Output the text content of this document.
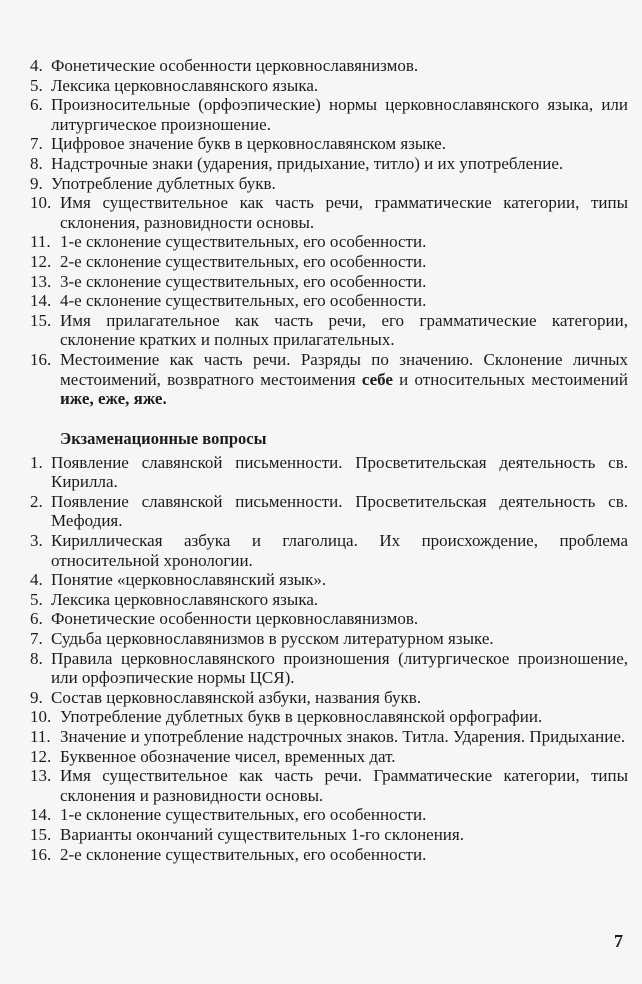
4. Фонетические особенности церковнославянизмов.
5. Лексика церковнославянского языка.
6. Произносительные (орфоэпические) нормы церковнославянского языка, или литургическое произношение.
7. Цифровое значение букв в церковнославянском языке.
8. Надстрочные знаки (ударения, придыхание, титло) и их употребление.
9. Употребление дублетных букв.
10. Имя существительное как часть речи, грамматические категории, типы склонения, разновидности основы.
11. 1-е склонение существительных, его особенности.
12. 2-е склонение существительных, его особенности.
13. 3-е склонение существительных, его особенности.
14. 4-е склонение существительных, его особенности.
15. Имя прилагательное как часть речи, его грамматические категории, склонение кратких и полных прилагательных.
16. Местоимение как часть речи. Разряды по значению. Склонение личных местоимений, возвратного местоимения себе и относительных местоимений иже, еже, яже.
Экзаменационные вопросы
1. Появление славянской письменности. Просветительская деятельность св. Кирилла.
2. Появление славянской письменности. Просветительская деятельность св. Мефодия.
3. Кириллическая азбука и глаголица. Их происхождение, проблема относительной хронологии.
4. Понятие «церковнославянский язык».
5. Лексика церковнославянского языка.
6. Фонетические особенности церковнославянизмов.
7. Судьба церковнославянизмов в русском литературном языке.
8. Правила церковнославянского произношения (литургическое произношение, или орфоэпические нормы ЦСЯ).
9. Состав церковнославянской азбуки, названия букв.
10. Употребление дублетных букв в церковнославянской орфографии.
11. Значение и употребление надстрочных знаков. Титла. Ударения. Придыхание.
12. Буквенное обозначение чисел, временных дат.
13. Имя существительное как часть речи. Грамматические категории, типы склонения и разновидности основы.
14. 1-е склонение существительных, его особенности.
15. Варианты окончаний существительных 1-го склонения.
16. 2-е склонение существительных, его особенности.
7
